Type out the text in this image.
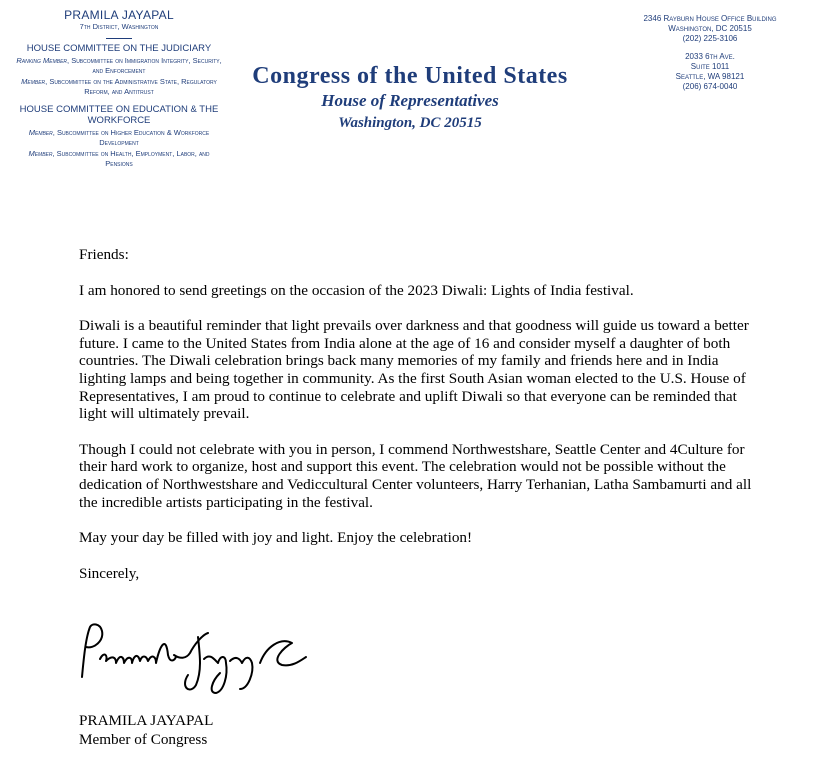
PRAMILA JAYAPAL
7th District, Washington
HOUSE COMMITTEE ON THE JUDICIARY
Ranking Member, Subcommittee on Immigration Integrity, Security, and Enforcement
Member, Subcommittee on the Administrative State, Regulatory Reform, and Antitrust
HOUSE COMMITTEE ON EDUCATION & THE WORKFORCE
Member, Subcommittee on Higher Education & Workforce Development
Member, Subcommittee on Health, Employment, Labor, and Pensions
Congress of the United States
House of Representatives
Washington, DC 20515
2346 Rayburn House Office Building
Washington, DC 20515
(202) 225-3106
2033 6th Ave.
Suite 1011
Seattle, WA 98121
(206) 674-0040

Friends:

I am honored to send greetings on the occasion of the 2023 Diwali: Lights of India festival.

Diwali is a beautiful reminder that light prevails over darkness and that goodness will guide us toward a better future. I came to the United States from India alone at the age of 16 and consider myself a daughter of both countries. The Diwali celebration brings back many memories of my family and friends here and in India lighting lamps and being together in community. As the first South Asian woman elected to the U.S. House of Representatives, I am proud to continue to celebrate and uplift Diwali so that everyone can be reminded that light will ultimately prevail.

Though I could not celebrate with you in person, I commend Northwestshare, Seattle Center and 4Culture for their hard work to organize, host and support this event. The celebration would not be possible without the dedication of Northwestshare and Vediccultural Center volunteers, Harry Terhanian, Latha Sambamurti and all the incredible artists participating in the festival.

May your day be filled with joy and light. Enjoy the celebration!

Sincerely,

PRAMILA JAYAPAL
Member of Congress
